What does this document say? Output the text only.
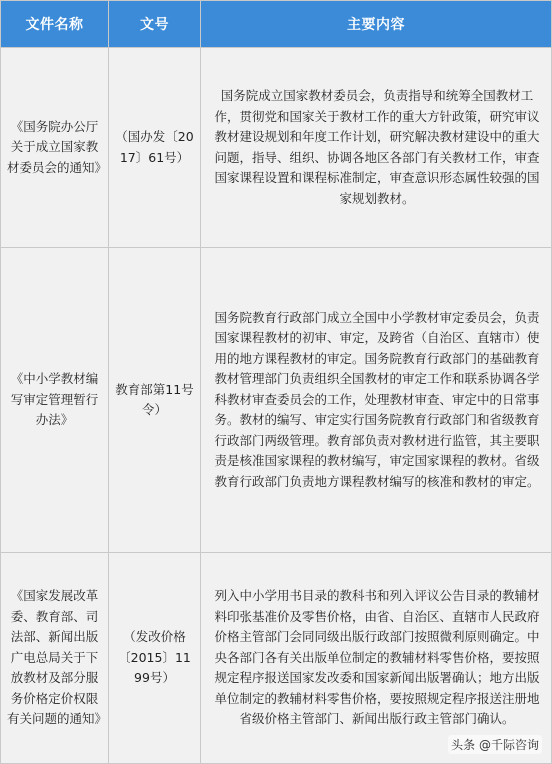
文件名称	文号	主要内容

《国务院办公厅关于成立国家教材委员会的通知》	（国办发〔2017〕61号）	国务院成立国家教材委员会，负责指导和统筹全国教材工作，贯彻党和国家关于教材工作的重大方针政策，研究审议教材建设规划和年度工作计划，研究解决教材建设中的重大问题，指导、组织、协调各地区各部门有关教材工作，审查国家课程设置和课程标准制定，审查意识形态属性较强的国家规划教材。

《中小学教材编写审定管理暂行办法》	教育部第11号令）	国务院教育行政部门成立全国中小学教材审定委员会，负责国家课程教材的初审、审定，及跨省（自治区、直辖市）使用的地方课程教材的审定。国务院教育行政部门的基础教育教材管理部门负责组织全国教材的审定工作和联系协调各学科教材审查委员会的工作，处理教材审查、审定中的日常事务。教材的编写、审定实行国务院教育行政部门和省级教育行政部门两级管理。教育部负责对教材进行监管，其主要职责是核准国家课程的教材编写，审定国家课程的教材。省级教育行政部门负责地方课程教材编写的核准和教材的审定。

《国家发展改革委、教育部、司法部、新闻出版广电总局关于下放教材及部分服务价格定价权限有关问题的通知》	（发改价格〔2015〕1199号）	列入中小学用书目录的教科书和列入评议公告目录的教辅材料印张基准价及零售价格，由省、自治区、直辖市人民政府价格主管部门会同同级出版行政部门按照微利原则确定。中央各部门各有关出版单位制定的教辅材料零售价格，要按照规定程序报送国家发改委和国家新闻出版署确认；地方出版单位制定的教辅材料零售价格，要按照规定程序报送注册地省级价格主管部门、新闻出版行政主管部门确认。
头条 @千际咨询
